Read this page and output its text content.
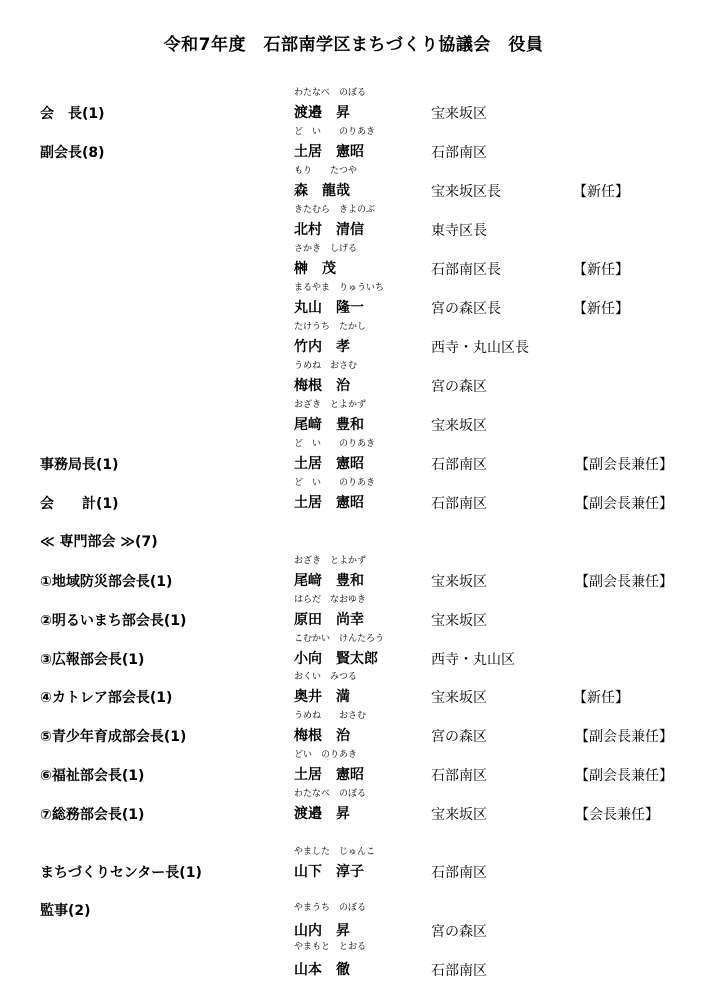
令和7年度　石部南学区まちづくり協議会　役員
会　長(1)
わたなべ　のぼる
渡邉　昇	宝来坂区
副会長(8)
ど　い　　のりあき
土居　憲昭	石部南区
もり　　たつや
森　龍哉	宝来坂区長	【新任】
きたむら　きよのぶ
北村　清信	東寺区長
さかき　しげる
榊　茂	石部南区長	【新任】
まるやま　りゅういち
丸山　隆一	宮の森区長	【新任】
たけうち　たかし
竹内　孝	西寺・丸山区長
うめね　おさむ
梅根　治	宮の森区
おざき　とよかず
尾﨑　豊和	宝来坂区
事務局長(1)
ど　い　　のりあき
土居　憲昭	石部南区	【副会長兼任】
会　　計(1)
ど　い　　のりあき
土居　憲昭	石部南区	【副会長兼任】
≪ 専門部会 ≫(7)
①地域防災部会長(1)
おざき　とよかず
尾﨑　豊和	宝来坂区	【副会長兼任】
②明るいまち部会長(1)
はらだ　なおゆき
原田　尚幸	宝来坂区
③広報部会長(1)
こむかい　けんたろう
小向　賢太郎	西寺・丸山区
④カトレア部会長(1)
おくい　みつる
奥井　満	宝来坂区	【新任】
⑤青少年育成部会長(1)
うめね　　おさむ
梅根　治	宮の森区	【副会長兼任】
⑥福祉部会長(1)
どい　のりあき
土居　憲昭	石部南区	【副会長兼任】
⑦総務部会長(1)
わたなべ　のぼる
渡邉　昇	宝来坂区	【会長兼任】
まちづくりセンター長(1)
やました　じゅんこ
山下　淳子	石部南区
監事(2)	やまうち　のぼる
山内　昇	宮の森区
やまもと　とおる
山本　徹	石部南区
